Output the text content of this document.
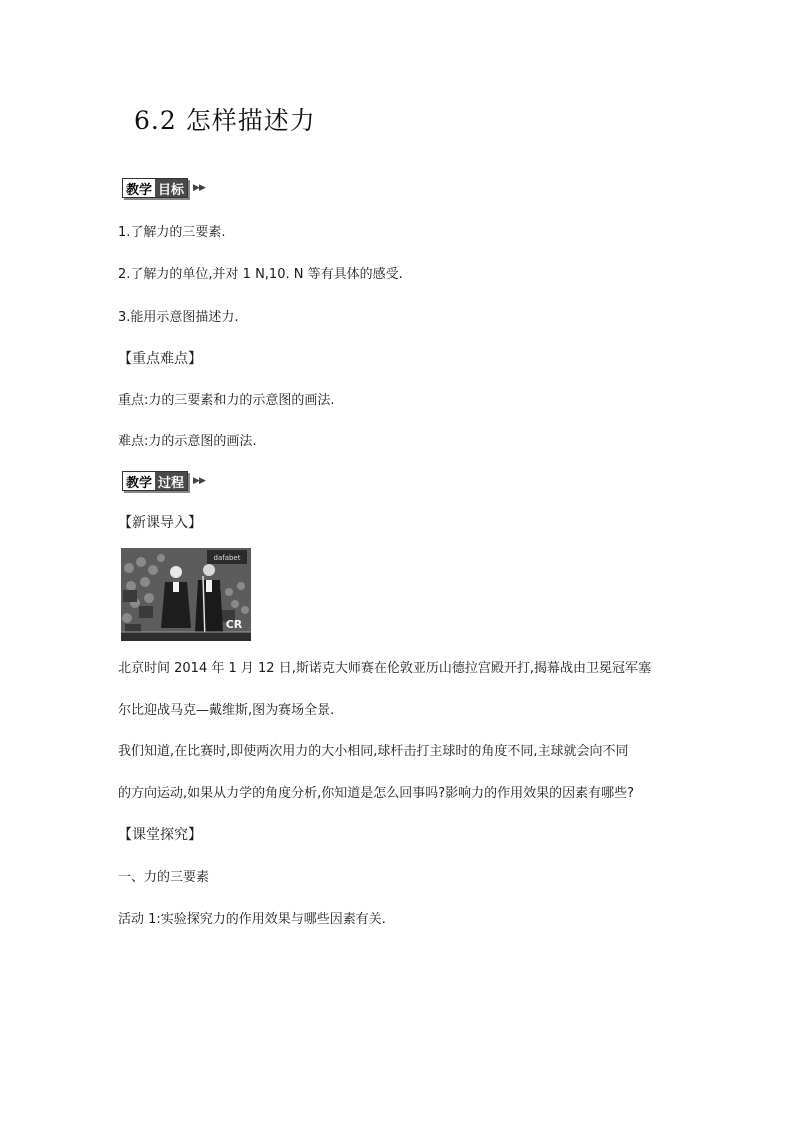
6.2 怎样描述力
教学 目标	▶▶
1.了解力的三要素.
2.了解力的单位,并对 1 N,10. N 等有具体的感受.
3.能用示意图描述力.
【重点难点】
重点:力的三要素和力的示意图的画法.
难点:力的示意图的画法.
教学 过程	▶▶
【新课导入】
dafabet
CR
北京时间 2014 年 1 月 12 日,斯诺克大师赛在伦敦亚历山德拉宫殿开打,揭幕战由卫冕冠军塞
尔比迎战马克—戴维斯,图为赛场全景.
我们知道,在比赛时,即使两次用力的大小相同,球杆击打主球时的角度不同,主球就会向不同
的方向运动,如果从力学的角度分析,你知道是怎么回事吗?影响力的作用效果的因素有哪些?
【课堂探究】
一、力的三要素
活动 1:实验探究力的作用效果与哪些因素有关.
